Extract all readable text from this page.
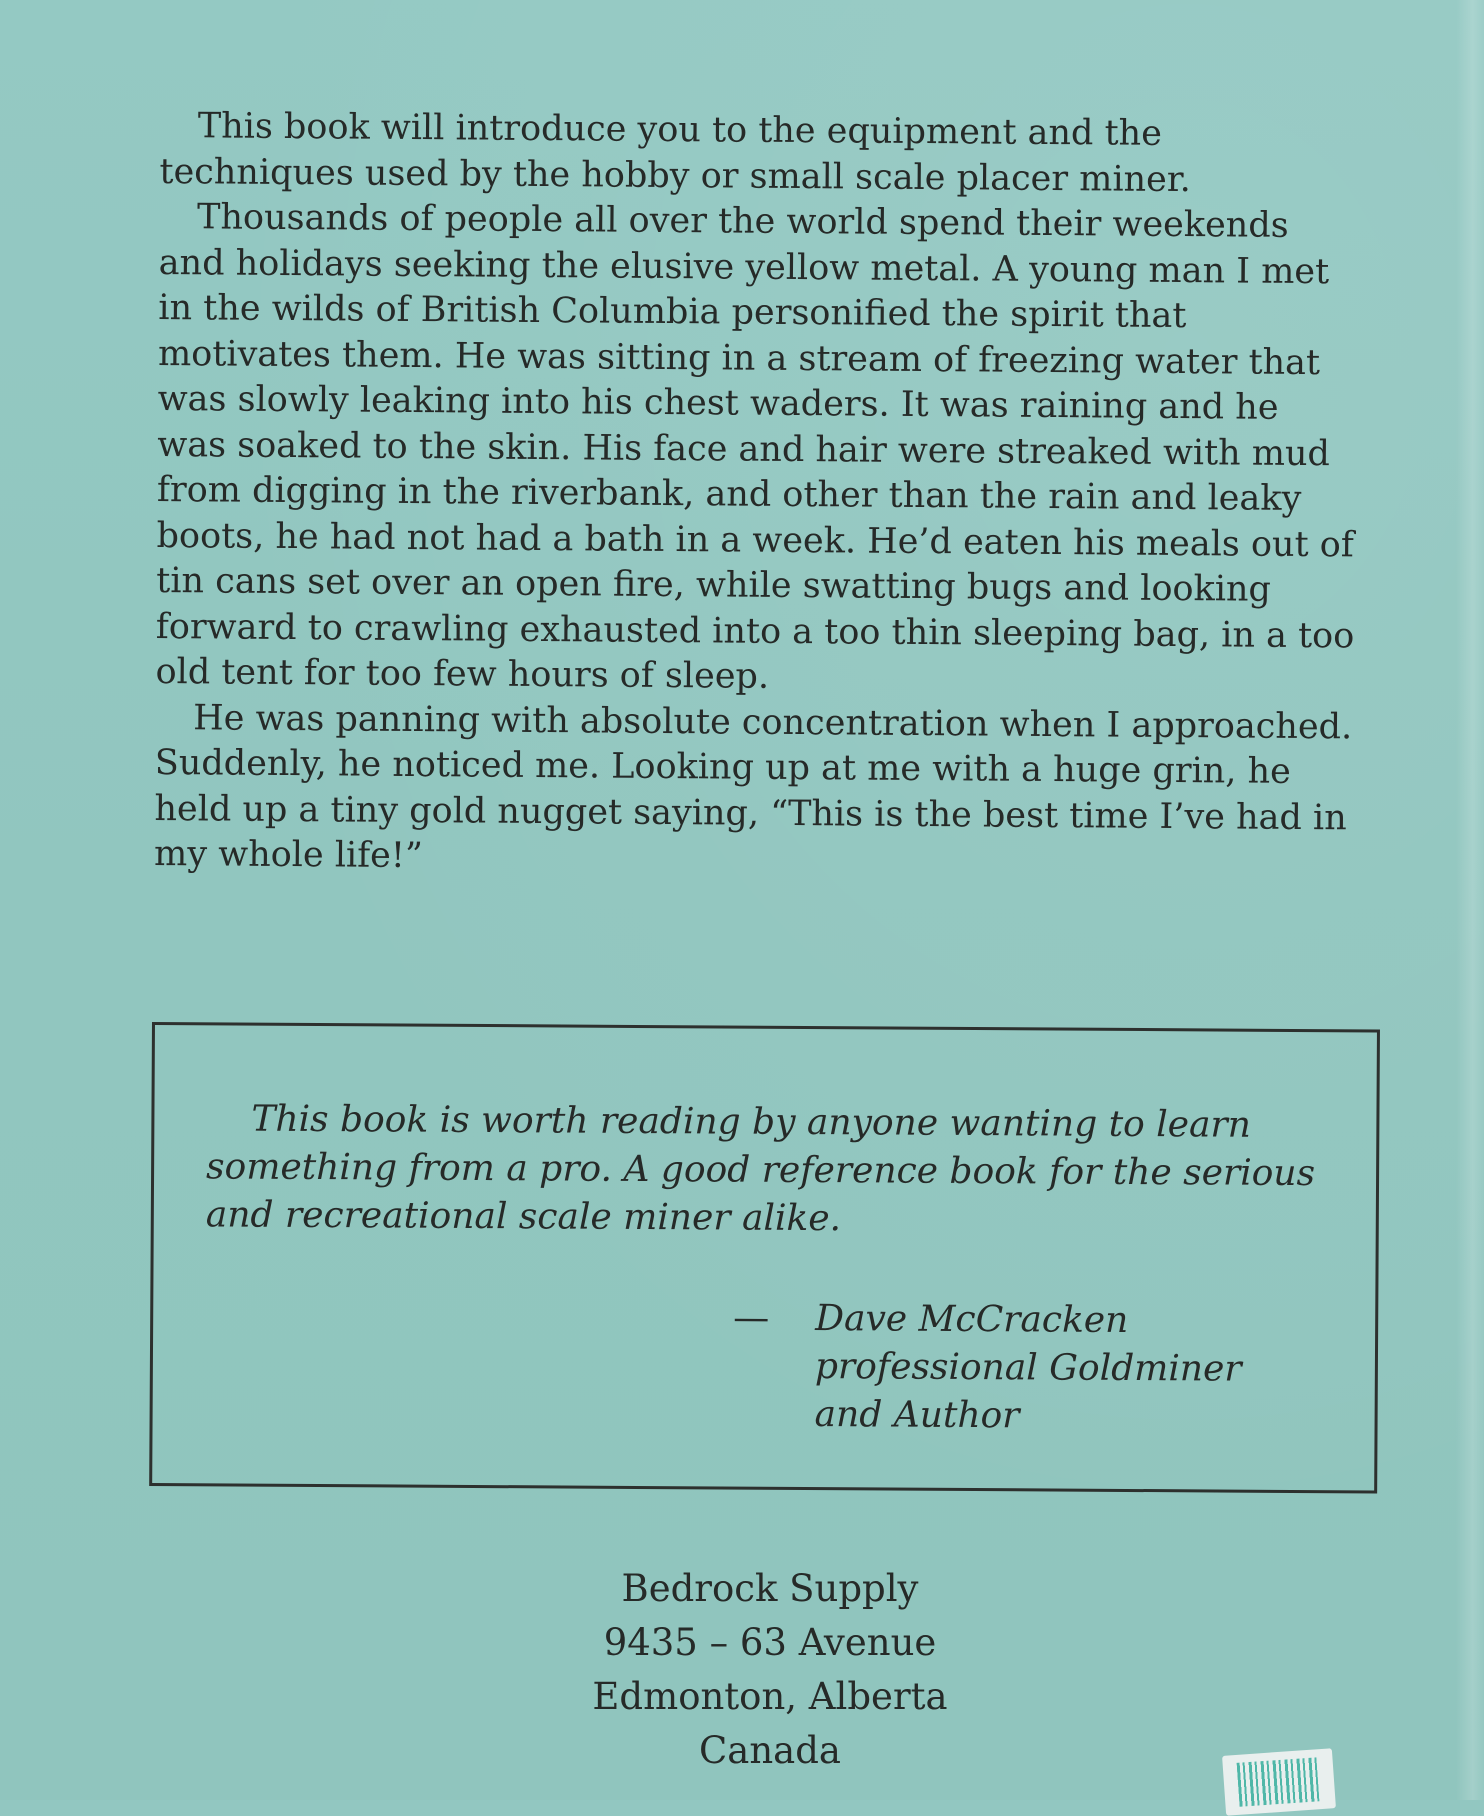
This book will introduce you to the equipment and the techniques used by the hobby or small scale placer miner.

Thousands of people all over the world spend their weekends and holidays seeking the elusive yellow metal. A young man I met in the wilds of British Columbia personified the spirit that motivates them. He was sitting in a stream of freezing water that was slowly leaking into his chest waders. It was raining and he was soaked to the skin. His face and hair were streaked with mud from digging in the riverbank, and other than the rain and leaky boots, he had not had a bath in a week. He’d eaten his meals out of tin cans set over an open fire, while swatting bugs and looking forward to crawling exhausted into a too thin sleeping bag, in a too old tent for too few hours of sleep.

He was panning with absolute concentration when I approached. Suddenly, he noticed me. Looking up at me with a huge grin, he held up a tiny gold nugget saying, “This is the best time I’ve had in my whole life!”

This book is worth reading by anyone wanting to learn something from a pro. A good reference book for the serious and recreational scale miner alike.

— Dave McCracken
professional Goldminer
and Author
Bedrock Supply
9435 – 63 Avenue
Edmonton, Alberta
Canada
